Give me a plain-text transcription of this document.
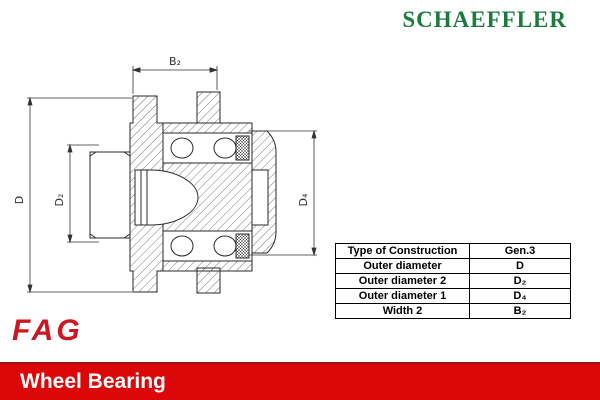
SCHAEFFLER
B₂
D D₂	D₄
Type of Construction	Gen.3
Outer diameter	D
Outer diameter 2	D₂
Outer diameter 1	D₄
Width 2	B₂
FAG
Wheel Bearing
